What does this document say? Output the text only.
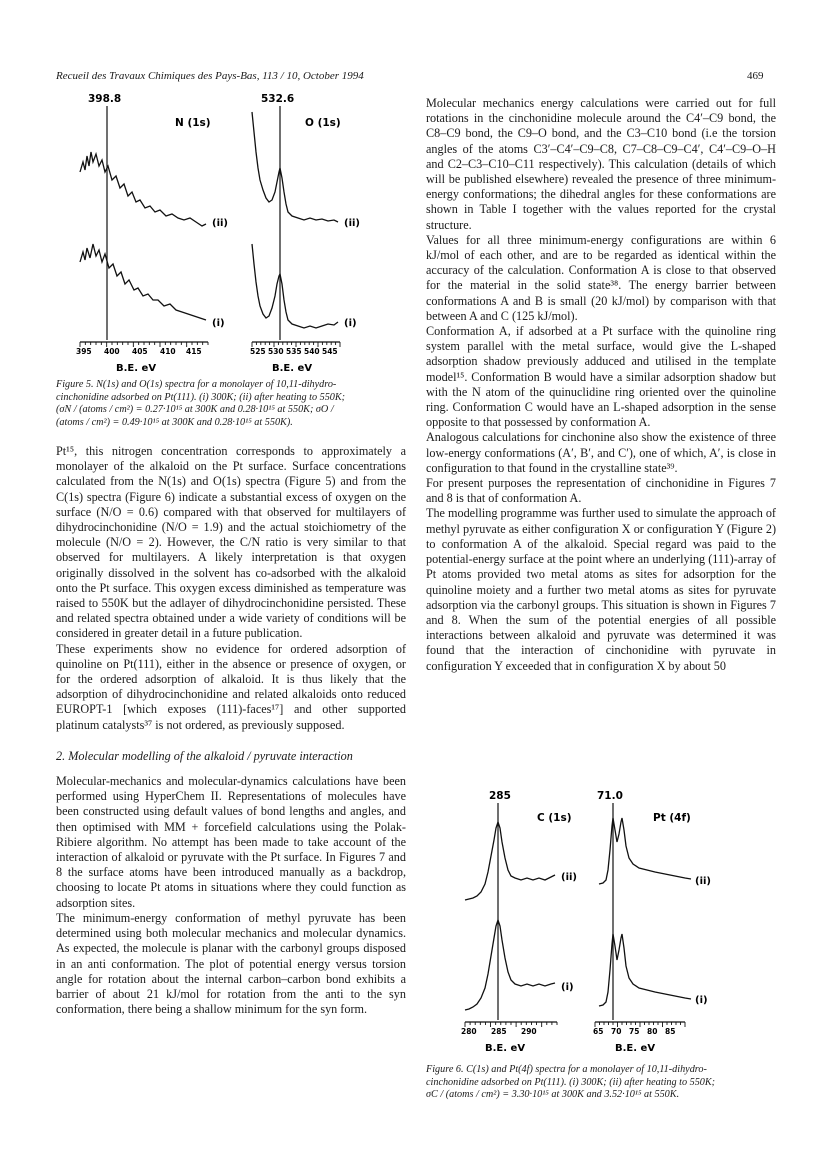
Recueil des Travaux Chimiques des Pays-Bas, 113 / 10, October 1994	469
398.8
N (1s)
(ii)
(i)
395 400 405 410 415
B.E. eV
532.6
O (1s)
(ii)
(i)
525 530 535 540 545
B.E. eV
Figure 5. N(1s) and O(1s) spectra for a monolayer of 10,11-dihydro-
cinchonidine adsorbed on Pt(111). (i) 300K; (ii) after heating to 550K;
(σN / (atoms / cm²) = 0.27·10¹⁵ at 300K and 0.28·10¹⁵ at 550K; σO /
(atoms / cm²) = 0.49·10¹⁵ at 300K and 0.28·10¹⁵ at 550K).

Pt¹⁵, this nitrogen concentration corresponds to approximately a monolayer of the alkaloid on the Pt surface. Surface concentrations calculated from the N(1s) and O(1s) spectra (Figure 5) and from the C(1s) spectra (Figure 6) indicate a substantial excess of oxygen on the surface (N/O = 0.6) compared with that observed for multilayers of dihydrocinchonidine (N/O = 1.9) and the actual stoichiometry of the molecule (N/O = 2). However, the C/N ratio is very similar to that observed for multilayers. A likely interpretation is that oxygen originally dissolved in the solvent has co-adsorbed with the alkaloid onto the Pt surface. This oxygen excess diminished as temperature was raised to 550K but the adlayer of dihydrocinchonidine persisted. These and related spectra obtained under a wide variety of conditions will be considered in greater detail in a future publication.

These experiments show no evidence for ordered adsorption of quinoline on Pt(111), either in the absence or presence of oxygen, or for the ordered adsorption of alkaloid. It is thus likely that the adsorption of dihydrocinchonidine and related alkaloids onto reduced EUROPT-1 [which exposes (111)-faces¹⁷] and other supported platinum catalysts³⁷ is not ordered, as previously supposed.

2. Molecular modelling of the alkaloid / pyruvate interaction

Molecular-mechanics and molecular-dynamics calculations have been performed using HyperChem II. Representations of molecules have been constructed using default values of bond lengths and angles, and then optimised with MM + forcefield calculations using the Polak-Ribiere algorithm. No attempt has been made to take account of the interaction of alkaloid or pyruvate with the Pt surface. In Figures 7 and 8 the surface atoms have been introduced manually as a backdrop, choosing to locate Pt atoms in situations where they could function as adsorption sites.

The minimum-energy conformation of methyl pyruvate has been determined using both molecular mechanics and molecular dynamics. As expected, the molecule is planar with the carbonyl groups disposed in an anti conformation. The plot of potential energy versus torsion angle for rotation about the internal carbon–carbon bond exhibits a barrier of about 21 kJ/mol for rotation from the anti to the syn conformation, there being a shallow minimum for the syn form.

Molecular mechanics energy calculations were carried out for full rotations in the cinchonidine molecule around the C4′–C9 bond, the C8–C9 bond, the C9–O bond, and the C3–C10 bond (i.e the torsion angles of the atoms C3′–C4′–C9–C8, C7–C8–C9–C4′, C4′–C9–O–H and C2–C3–C10–C11 respectively). This calculation (details of which will be published elsewhere) revealed the presence of three minimum-energy conformations; the dihedral angles for these conformations are shown in Table I together with the values reported for the crystal structure.

Values for all three minimum-energy configurations are within 6 kJ/mol of each other, and are to be regarded as identical within the accuracy of the calculation. Conformation A is close to that observed for the material in the solid state³⁸. The energy barrier between conformations A and B is small (20 kJ/mol) by comparison with that between A and C (125 kJ/mol).

Conformation A, if adsorbed at a Pt surface with the quinoline ring system parallel with the metal surface, would give the L-shaped adsorption shadow previously adduced and utilised in the template model¹⁵. Conformation B would have a similar adsorption shadow but with the N atom of the quinuclidine ring oriented over the quinoline ring. Conformation C would have an L-shaped adsorption in the sense opposite to that possessed by conformation A.

Analogous calculations for cinchonine also show the existence of three low-energy conformations (A′, B′, and C′), one of which, A′, is close in configuration to that found in the crystalline state³⁹.

For present purposes the representation of cinchonidine in Figures 7 and 8 is that of conformation A.

The modelling programme was further used to simulate the approach of methyl pyruvate as either configuration X or configuration Y (Figure 2) to conformation A of the alkaloid. Special regard was paid to the potential-energy surface at the point where an underlying (111)-array of Pt atoms provided two metal atoms as sites for adsorption for the quinoline moiety and a further two metal atoms as sites for pyruvate adsorption via the carbonyl groups. This situation is shown in Figures 7 and 8. When the sum of the potential energies of all possible interactions between alkaloid and pyruvate was determined it was found that the interaction of cinchonidine with pyruvate in configuration Y exceeded that in configuration X by about 50

285
C (1s)
(ii)
(i)
280 285 290
B.E. eV
71.0
Pt (4f)
(ii)
(i)
65 70 75 80 85
B.E. eV
Figure 6. C(1s) and Pt(4f) spectra for a monolayer of 10,11-dihydro-
cinchonidine adsorbed on Pt(111). (i) 300K; (ii) after heating to 550K;
σC / (atoms / cm²) = 3.30·10¹⁵ at 300K and 3.52·10¹⁵ at 550K.
